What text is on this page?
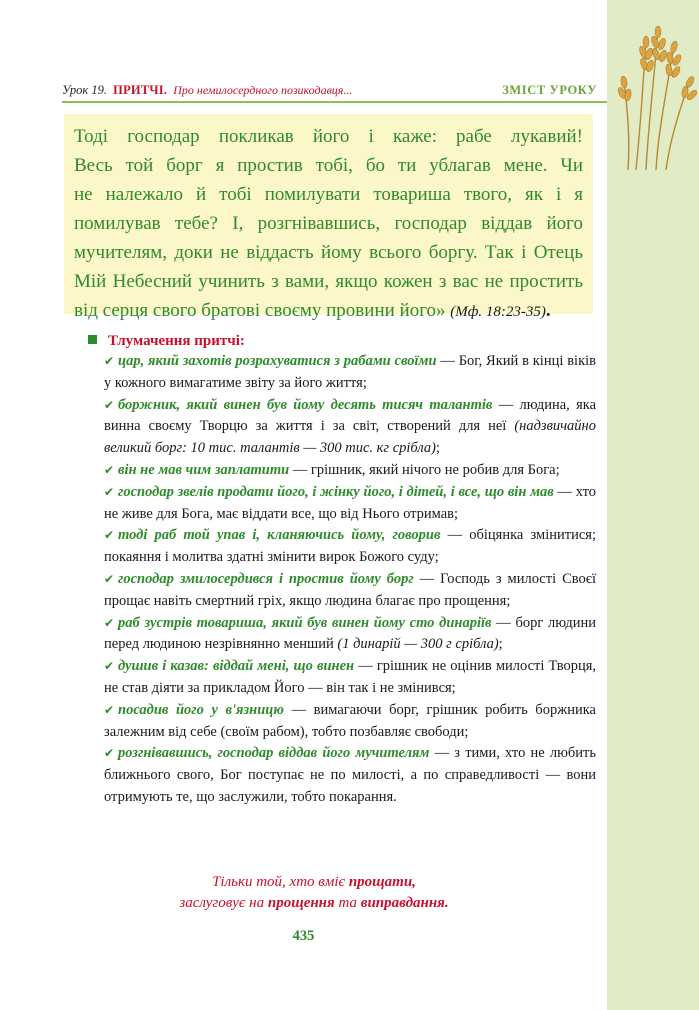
Урок 19. ПРИТЧІ. Про немилосердного позикодавця...	ЗМІСТ УРОКУ
Тоді господар покликав його і каже: рабе лукавий!
Весь той борг я простив тобі, бо ти ублагав мене. Чи
не належало й тобі помилувати товариша твого, як і я
помилував тебе? І, розгнівавшись, господар віддав його
мучителям, доки не віддасть йому всього боргу. Так і Отець
Мій Небесний учинить з вами, якщо кожен з вас не простить
від серця свого братові своєму провини його» (Мф. 18:23-35).
Тлумачення притчі:
✔ цар, який захотів розрахуватися з рабами своїми — Бог, Який в кінці віків у кожного вимагатиме звіту за його життя;
✔ боржник, який винен був йому десять тисяч талантів — людина, яка винна своєму Творцю за життя і за світ, створений для неї (надзвичайно великий борг: 10 тис. талантів — 300 тис. кг срібла);
✔ він не мав чим заплатити — грішник, який нічого не робив для Бога;
✔ господар звелів продати його, і жінку його, і дітей, і все, що він мав — хто не живе для Бога, має віддати все, що від Нього отримав;
✔ тоді раб той упав і, кланяючись йому, говорив — обіцянка змінитися; покаяння і молитва здатні змінити вирок Божого суду;
✔ господар змилосердився і простив йому борг — Господь з милості Своєї прощає навіть смертний гріх, якщо людина благає про прощення;
✔ раб зустрів товариша, який був винен йому сто динаріїв — борг людини перед людиною незрівнянно менший (1 динарій — 300 г срібла);
✔ душив і казав: віддай мені, що винен — грішник не оцінив милості Творця, не став діяти за прикладом Його — він так і не змінився;
✔ посадив його у в'язницю — вимагаючи борг, грішник робить боржника залежним від себе (своїм рабом), тобто позбавляє свободи;
✔ розгнівавшись, господар віддав його мучителям — з тими, хто не любить ближнього свого, Бог поступає не по милості, а по справедливості — вони отримують те, що заслужили, тобто покарання.
Тільки той, хто вміє прощати,
заслуговує на прощення та виправдання.
435
